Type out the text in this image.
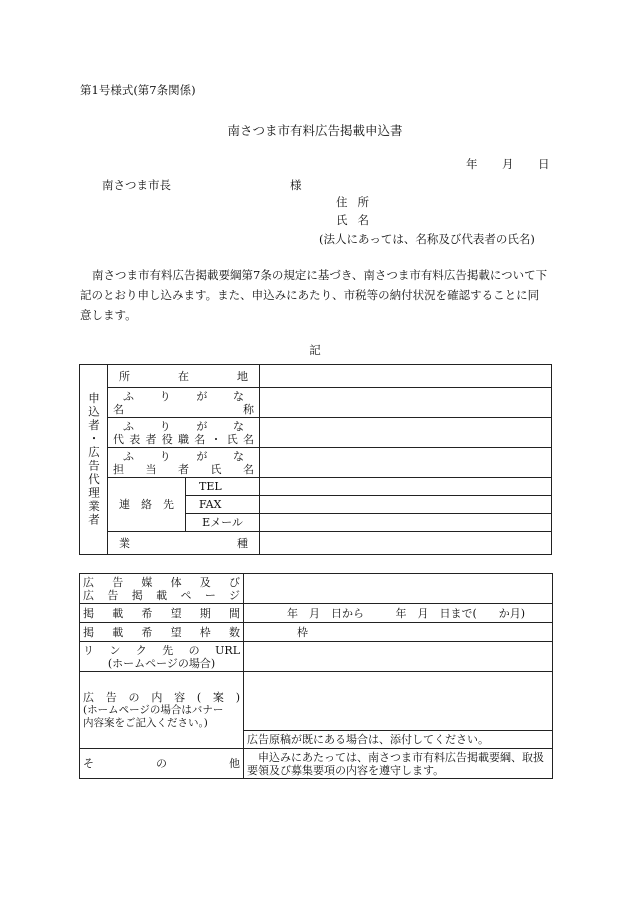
第1号様式(第7条関係)
南さつま市有料広告掲載申込書
年 月 日
南さつま市長	様
住所
氏名
(法人にあっては、名称及び代表者の氏名)
南さつま市有料広告掲載要綱第7条の規定に基づき、南さつま市有料広告掲載について下記のとおり申し込みます。また、申込みにあたり、市税等の納付状況を確認することに同意します。
記
申込者・広告代理業者	所在地		

	ふりがな
名称		

	ふりがな
代表者役職名・氏名		

	ふりがな
担当者氏名		

	連絡先	TEL	

		FAX	

		Eメール	

	業種		

広告媒体及び
広告掲載ページ	

掲載希望期間	年　月　日から 年　月　日まで(　　か月)

掲載希望枠数	枠

リンク先のURL
(ホームページの場合)	

広告の内容(案)
(ホームページの場合はバナー
内容案をご記入ください。)	

	広告原稿が既にある場合は、添付してください。

その他	申込みにあたっては、南さつま市有料広告掲載要綱、取扱要領及び募集要項の内容を遵守します。
